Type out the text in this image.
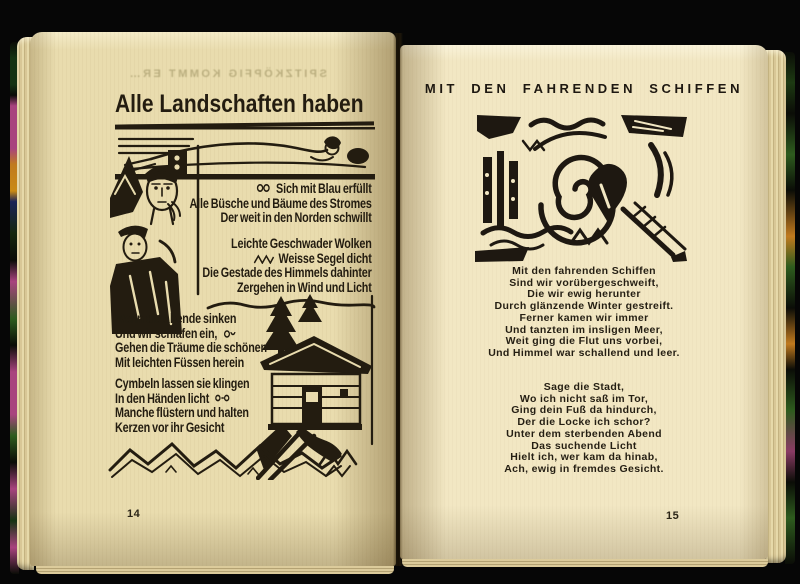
SPITZKÖPFIG KOMMT ER…
Alle Landschaften haben
Sich mit Blau erfüllt
Alle Büsche und Bäume des Stromes
Der weit in den Norden schwillt
Leichte Geschwader Wolken
Weisse Segel dicht
Die Gestade des Himmels dahinter
Zergehen in Wind und Licht
Wenn die Abende sinken
Und wir schlafen ein,
Gehen die Träume die schönen
Mit leichten Füssen herein
Cymbeln lassen sie klingen
In den Händen licht
Manche flüstern und halten
Kerzen vor ihr Gesicht
14
MIT DEN FAHRENDEN SCHIFFEN
Mit den fahrenden Schiffen
Sind wir vorübergeschweift,
Die wir ewig herunter
Durch glänzende Winter gestreift.
Ferner kamen wir immer
Und tanzten im insligen Meer,
Weit ging die Flut uns vorbei,
Und Himmel war schallend und leer.
Sage die Stadt,
Wo ich nicht saß im Tor,
Ging dein Fuß da hindurch,
Der die Locke ich schor?
Unter dem sterbenden Abend
Das suchende Licht
Hielt ich, wer kam da hinab,
Ach, ewig in fremdes Gesicht.
15
